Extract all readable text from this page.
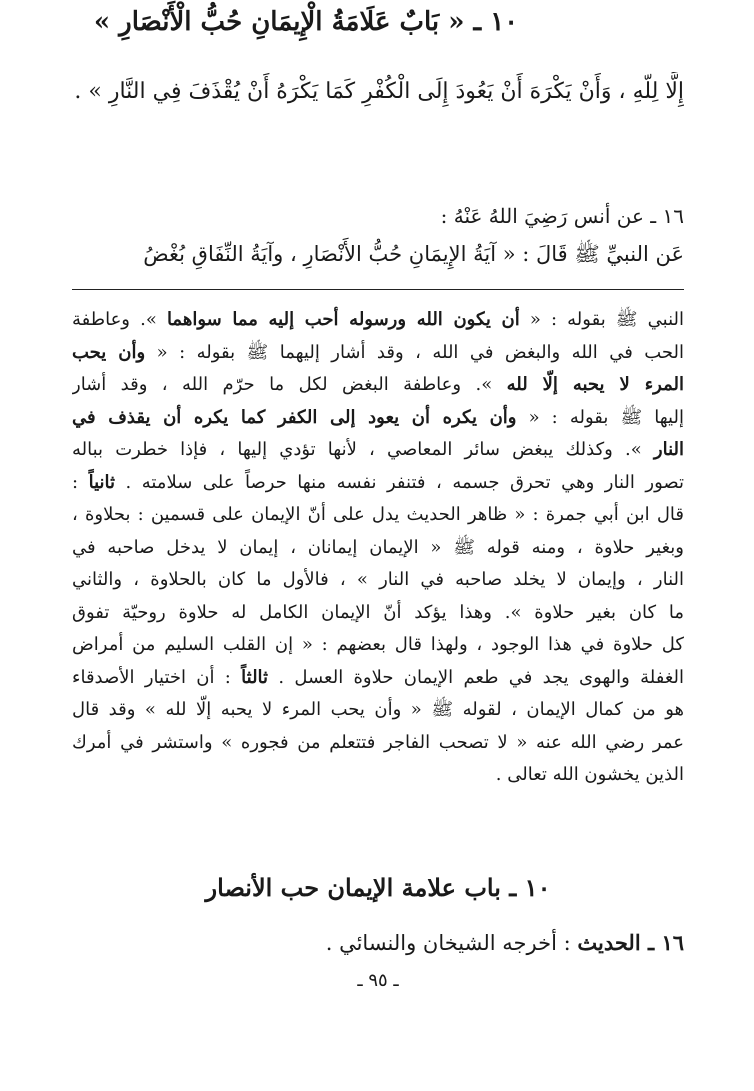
إِلَّا لِلّهِ ، وَأَنْ يَكْرَهَ أَنْ يَعُودَ إِلَى الْكُفْرِ كَمَا يَكْرَهُ أَنْ يُقْذَفَ فِي النَّارِ » .
١٠ ـ « بَابٌ عَلَامَةُ الْإِيمَانِ حُبُّ الْأَنْصَارِ »
١٦ ـ عن أنس رَضِيَ اللهُ عَنْهُ :
عَن النبيِّ ﷺ قَالَ : « آيَةُ الإِيمَانِ حُبُّ الأَنْصَارِ ، وآيَةُ النِّفَاقِ بُغْضُ
النبي ﷺ بقوله : « أن يكون الله ورسوله أحب إليه مما سواهما ». وعاطفة
الحب في الله والبغض في الله ، وقد أشار إليهما ﷺ بقوله : « وأن يحب
المرء لا يحبه إلّا لله ». وعاطفة البغض لكل ما حرّم الله ، وقد أشار
إليها ﷺ بقوله : « وأن يكره أن يعود إلى الكفر كما يكره أن يقذف في
النار ». وكذلك يبغض سائر المعاصي ، لأنها تؤدي إليها ، فإذا خطرت بباله
تصور النار وهي تحرق جسمه ، فتنفر نفسه منها حرصاً على سلامته . ثانياً :
قال ابن أبي جمرة : « ظاهر الحديث يدل على أنّ الإيمان على قسمين : بحلاوة ،
وبغير حلاوة ، ومنه قوله ﷺ « الإيمان إيمانان ، إيمان لا يدخل صاحبه في
النار ، وإيمان لا يخلد صاحبه في النار » ، فالأول ما كان بالحلاوة ، والثاني
ما كان بغير حلاوة ». وهذا يؤكد أنّ الإيمان الكامل له حلاوة روحيّة تفوق
كل حلاوة في هذا الوجود ، ولهذا قال بعضهم : « إن القلب السليم من أمراض
الغفلة والهوى يجد في طعم الإيمان حلاوة العسل . ثالثاً : أن اختيار الأصدقاء
هو من كمال الإيمان ، لقوله ﷺ « وأن يحب المرء لا يحبه إلّا لله » وقد قال
عمر رضي الله عنه « لا تصحب الفاجر فتتعلم من فجوره » واستشر في أمرك
الذين يخشون الله تعالى .
١٠ ـ باب علامة الإيمان حب الأنصار
١٦ ـ الحديث : أخرجه الشيخان والنسائي .
ـ ٩٥ ـ
